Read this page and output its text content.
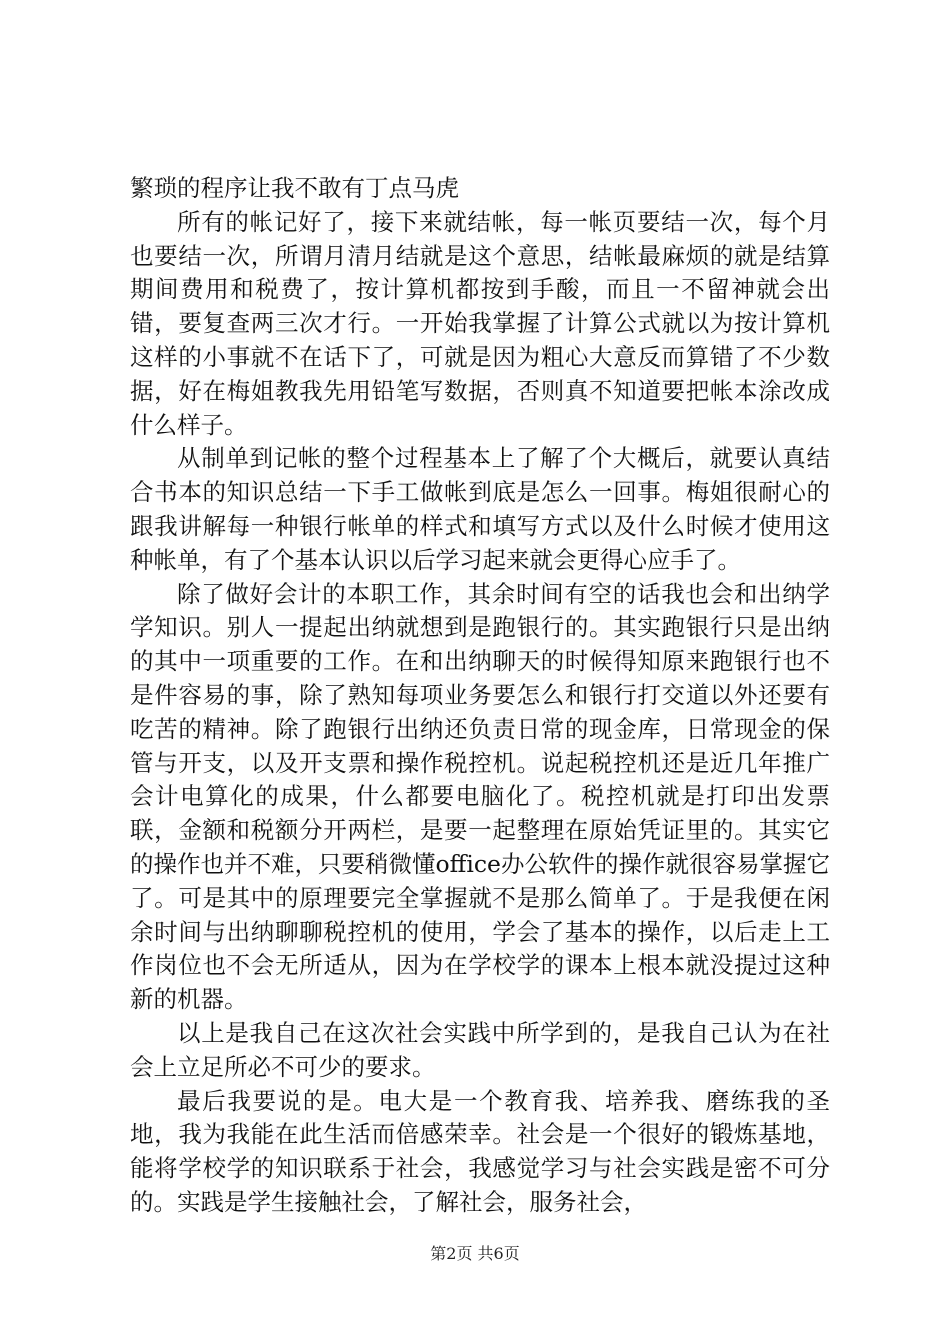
繁琐的程序让我不敢有丁点马虎

所有的帐记好了，接下来就结帐，每一帐页要结一次，每个月也要结一次，所谓月清月结就是这个意思，结帐最麻烦的就是结算期间费用和税费了，按计算机都按到手酸，而且一不留神就会出错，要复查两三次才行。一开始我掌握了计算公式就以为按计算机这样的小事就不在话下了，可就是因为粗心大意反而算错了不少数据，好在梅姐教我先用铅笔写数据，否则真不知道要把帐本涂改成什么样子。

从制单到记帐的整个过程基本上了解了个大概后，就要认真结合书本的知识总结一下手工做帐到底是怎么一回事。梅姐很耐心的跟我讲解每一种银行帐单的样式和填写方式以及什么时候才使用这种帐单，有了个基本认识以后学习起来就会更得心应手了。

除了做好会计的本职工作，其余时间有空的话我也会和出纳学学知识。别人一提起出纳就想到是跑银行的。其实跑银行只是出纳的其中一项重要的工作。在和出纳聊天的时候得知原来跑银行也不是件容易的事，除了熟知每项业务要怎么和银行打交道以外还要有吃苦的精神。除了跑银行出纳还负责日常的现金库，日常现金的保管与开支，以及开支票和操作税控机。说起税控机还是近几年推广会计电算化的成果，什么都要电脑化了。税控机就是打印出发票联，金额和税额分开两栏，是要一起整理在原始凭证里的。其实它的操作也并不难，只要稍微懂office办公软件的操作就很容易掌握它了。可是其中的原理要完全掌握就不是那么简单了。于是我便在闲余时间与出纳聊聊税控机的使用，学会了基本的操作，以后走上工作岗位也不会无所适从，因为在学校学的课本上根本就没提过这种新的机器。

以上是我自己在这次社会实践中所学到的，是我自己认为在社会上立足所必不可少的要求。

最后我要说的是。电大是一个教育我、培养我、磨练我的圣地，我为我能在此生活而倍感荣幸。社会是一个很好的锻炼基地，能将学校学的知识联系于社会，我感觉学习与社会实践是密不可分的。实践是学生接触社会，了解社会，服务社会，

第2页 共6页
